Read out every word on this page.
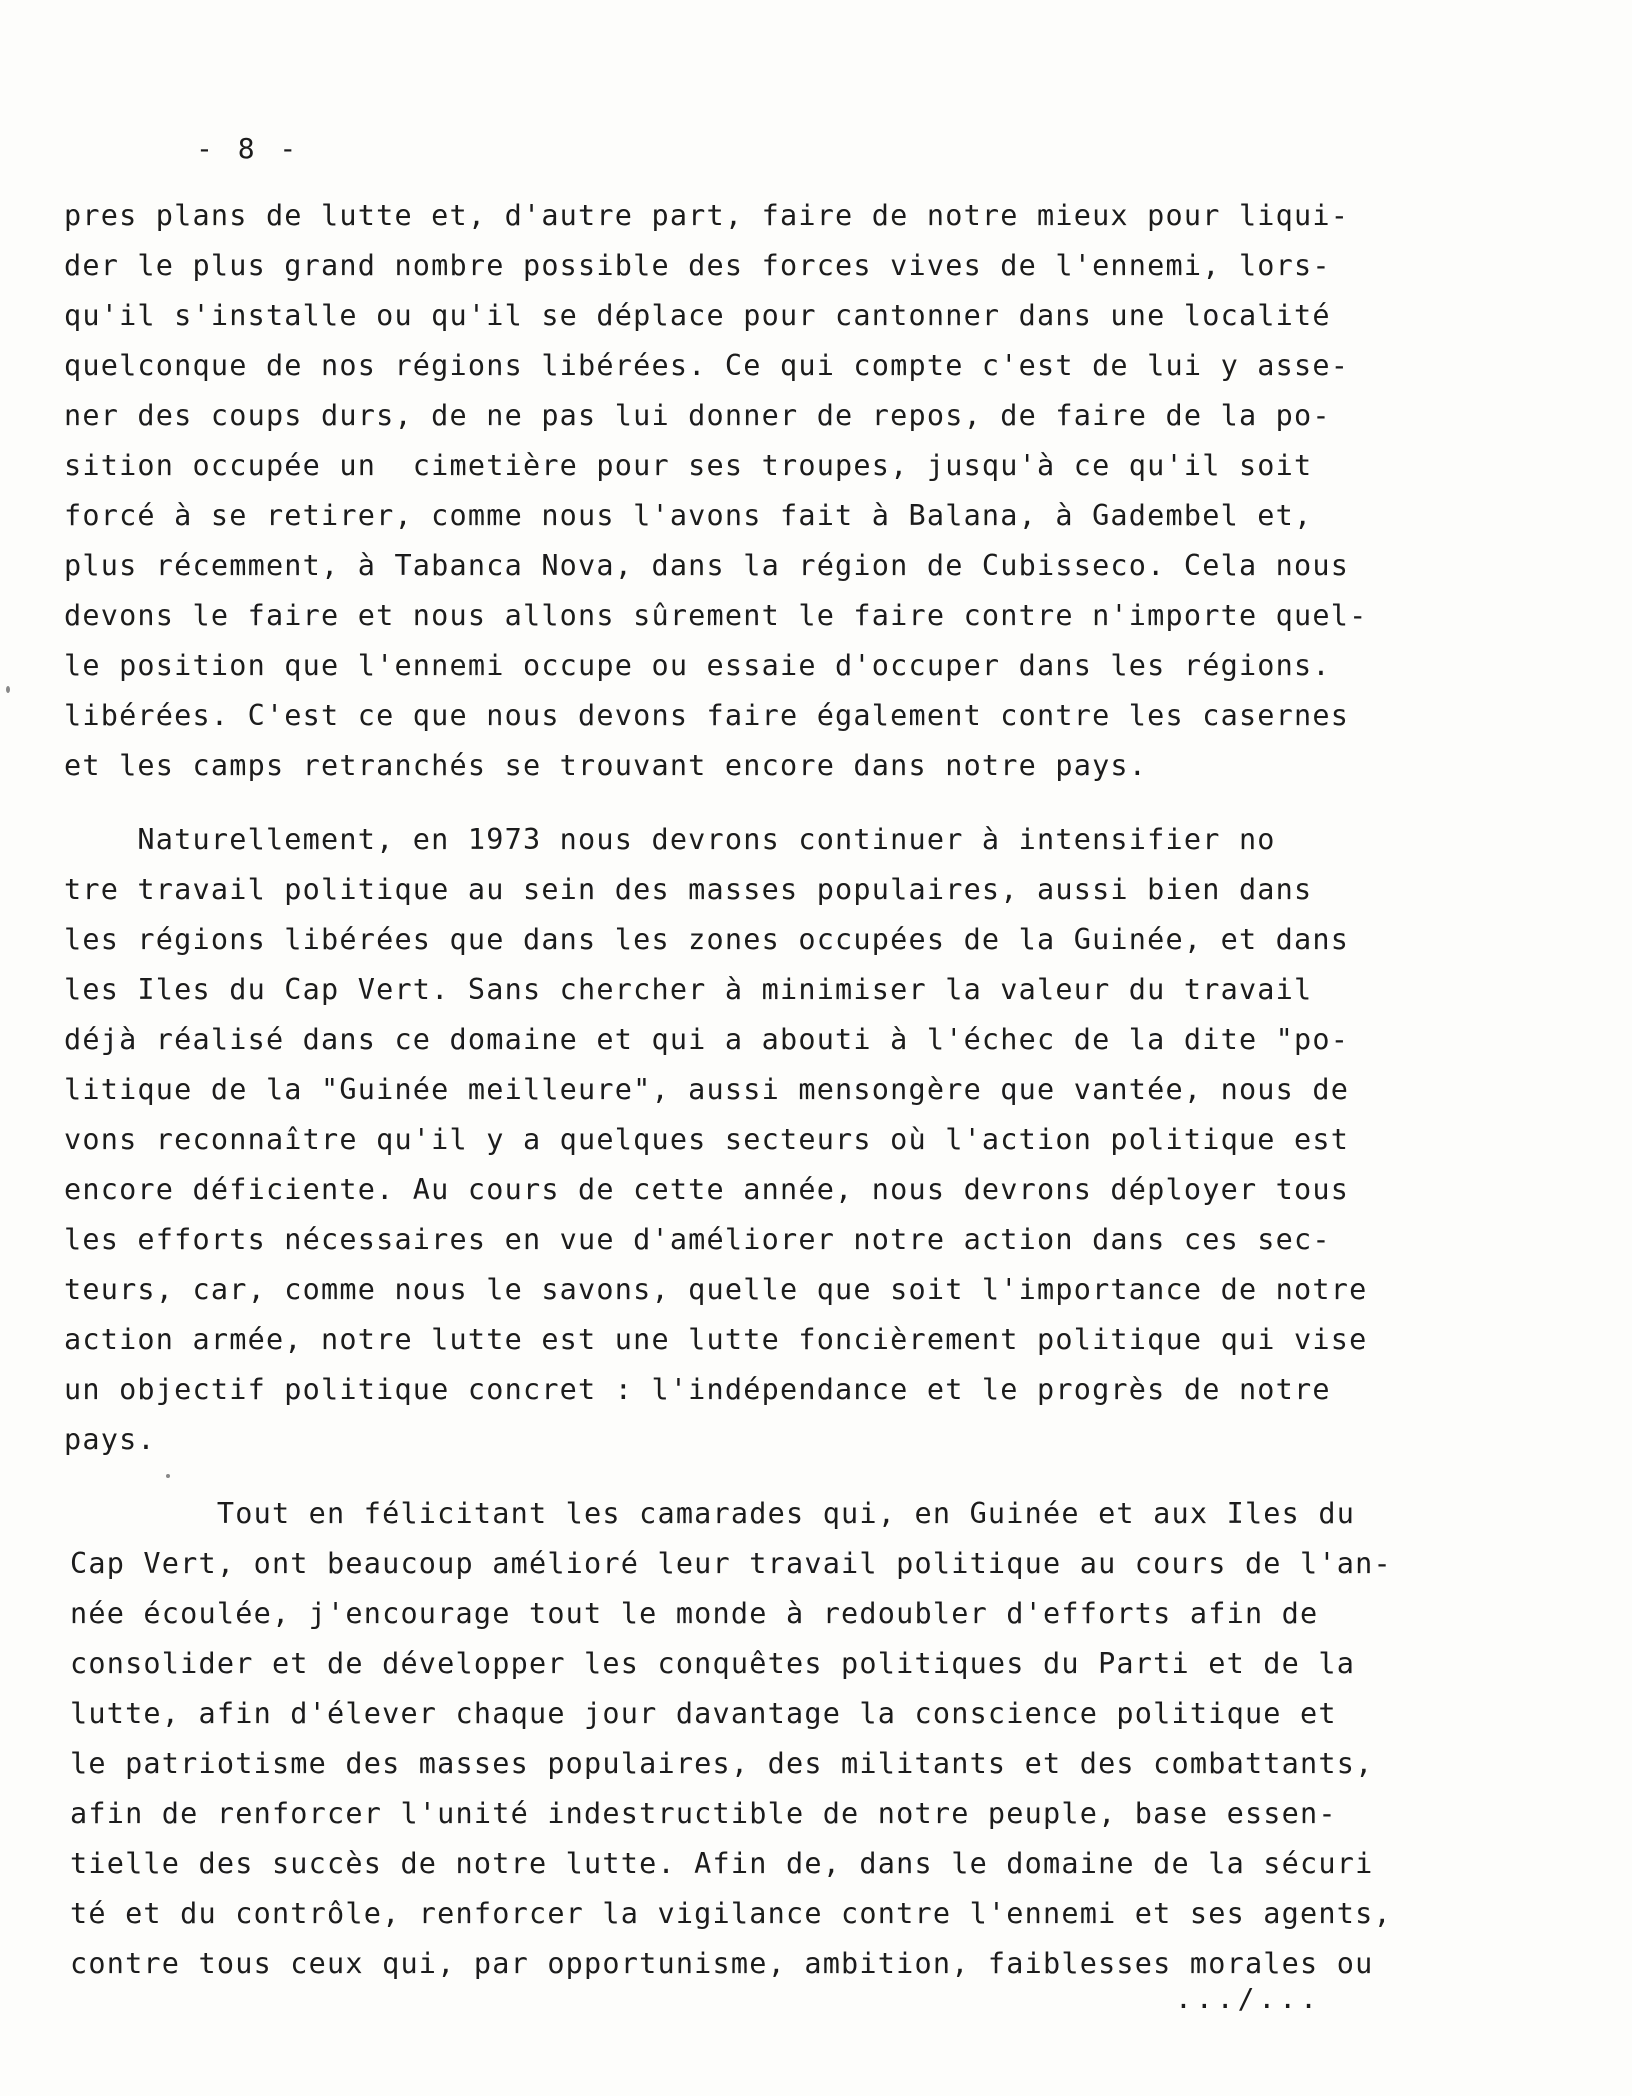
- 8 -
pres plans de lutte et, d'autre part, faire de notre mieux pour liqui-
der le plus grand nombre possible des forces vives de l'ennemi, lors-
qu'il s'installe ou qu'il se déplace pour cantonner dans une localité
quelconque de nos régions libérées. Ce qui compte c'est de lui y asse-
ner des coups durs, de ne pas lui donner de repos, de faire de la po-
sition occupée un  cimetière pour ses troupes, jusqu'à ce qu'il soit
forcé à se retirer, comme nous l'avons fait à Balana, à Gadembel et,
plus récemment, à Tabanca Nova, dans la région de Cubisseco. Cela nous
devons le faire et nous allons sûrement le faire contre n'importe quel-
le position que l'ennemi occupe ou essaie d'occuper dans les régions.
libérées. C'est ce que nous devons faire également contre les casernes
et les camps retranchés se trouvant encore dans notre pays.
Naturellement, en 1973 nous devrons continuer à intensifier no
tre travail politique au sein des masses populaires, aussi bien dans
les régions libérées que dans les zones occupées de la Guinée, et dans
les Iles du Cap Vert. Sans chercher à minimiser la valeur du travail
déjà réalisé dans ce domaine et qui a abouti à l'échec de la dite "po-
litique de la "Guinée meilleure", aussi mensongère que vantée, nous de
vons reconnaître qu'il y a quelques secteurs où l'action politique est
encore déficiente. Au cours de cette année, nous devrons déployer tous
les efforts nécessaires en vue d'améliorer notre action dans ces sec-
teurs, car, comme nous le savons, quelle que soit l'importance de notre
action armée, notre lutte est une lutte foncièrement politique qui vise
un objectif politique concret : l'indépendance et le progrès de notre
pays.
Tout en félicitant les camarades qui, en Guinée et aux Iles du
Cap Vert, ont beaucoup amélioré leur travail politique au cours de l'an-
née écoulée, j'encourage tout le monde à redoubler d'efforts afin de
consolider et de développer les conquêtes politiques du Parti et de la
lutte, afin d'élever chaque jour davantage la conscience politique et
le patriotisme des masses populaires, des militants et des combattants,
afin de renforcer l'unité indestructible de notre peuple, base essen-
tielle des succès de notre lutte. Afin de, dans le domaine de la sécuri
té et du contrôle, renforcer la vigilance contre l'ennemi et ses agents,
contre tous ceux qui, par opportunisme, ambition, faiblesses morales ou
.../...
